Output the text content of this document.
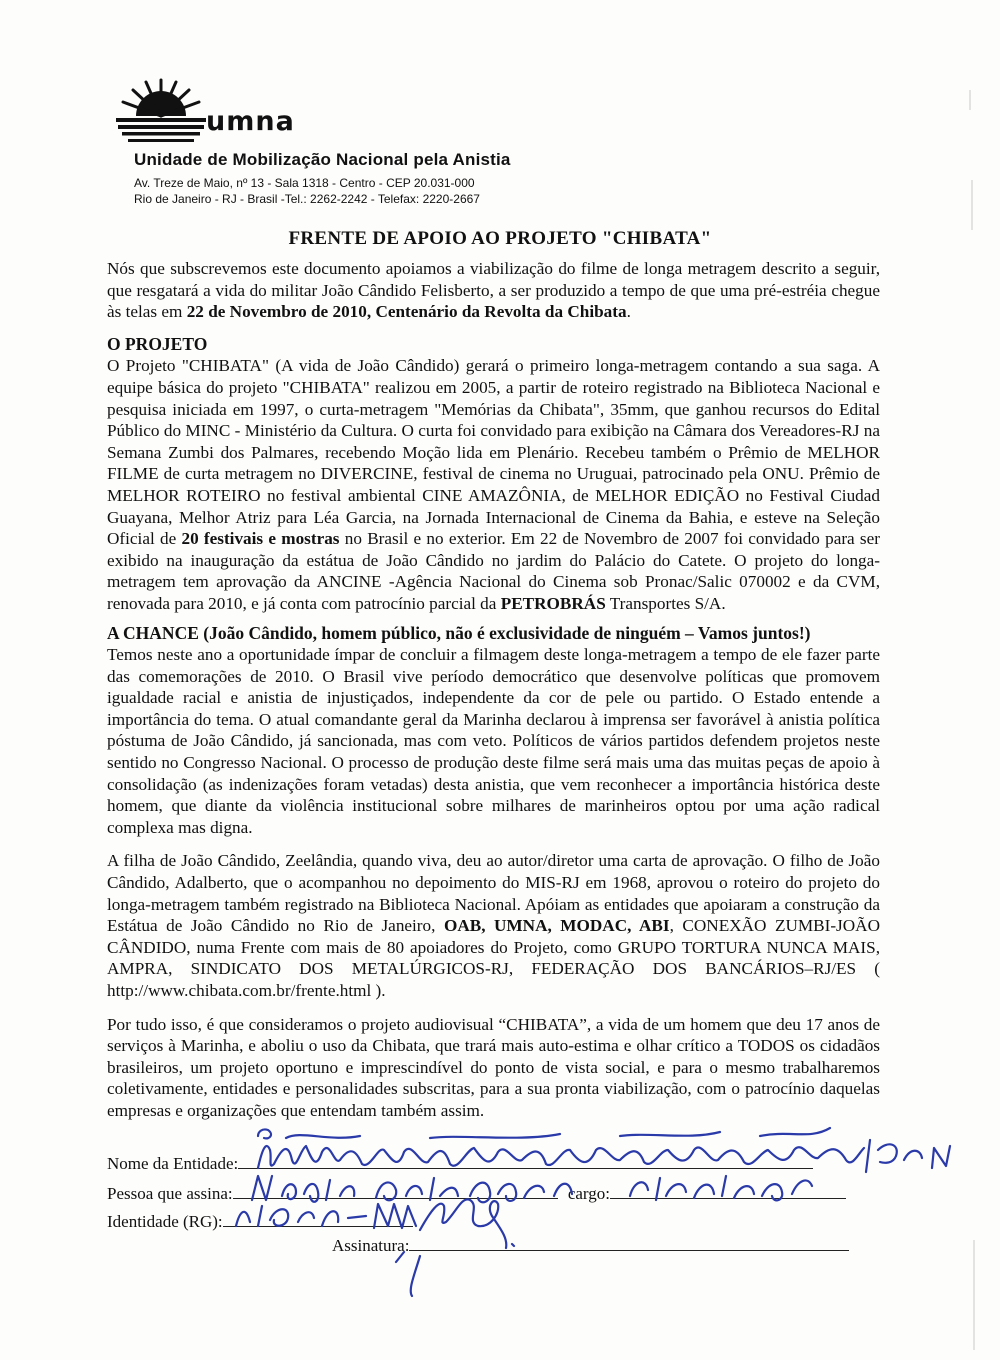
umna
Unidade de Mobilização Nacional pela Anistia
Av. Treze de Maio, nº 13 - Sala 1318 - Centro - CEP 20.031-000
Rio de Janeiro - RJ - Brasil -Tel.: 2262-2242 - Telefax: 2220-2667
FRENTE DE APOIO AO PROJETO "CHIBATA"

Nós que subscrevemos este documento apoiamos a viabilização do filme de longa metragem descrito a seguir, que resgatará a vida do militar João Cândido Felisberto, a ser produzido a tempo de que uma pré-estréia chegue às telas em 22 de Novembro de 2010, Centenário da Revolta da Chibata.

O PROJETO

O Projeto "CHIBATA" (A vida de João Cândido) gerará o primeiro longa-metragem contando a sua saga. A equipe básica do projeto "CHIBATA" realizou em 2005, a partir de roteiro registrado na Biblioteca Nacional e pesquisa iniciada em 1997, o curta-metragem "Memórias da Chibata", 35mm, que ganhou recursos do Edital Público do MINC - Ministério da Cultura. O curta foi convidado para exibição na Câmara dos Vereadores-RJ na Semana Zumbi dos Palmares, recebendo Moção lida em Plenário. Recebeu também o Prêmio de MELHOR FILME de curta metragem no DIVERCINE, festival de cinema no Uruguai, patrocinado pela ONU. Prêmio de MELHOR ROTEIRO no festival ambiental CINE AMAZÔNIA, de MELHOR EDIÇÃO no Festival Ciudad Guayana, Melhor Atriz para Léa Garcia, na Jornada Internacional de Cinema da Bahia, e esteve na Seleção Oficial de 20 festivais e mostras no Brasil e no exterior. Em 22 de Novembro de 2007 foi convidado para ser exibido na inauguração da estátua de João Cândido no jardim do Palácio do Catete. O projeto do longa-metragem tem aprovação da ANCINE -Agência Nacional do Cinema sob Pronac/Salic 070002 e da CVM, renovada para 2010, e já conta com patrocínio parcial da PETROBRÁS Transportes S/A.

A CHANCE (João Cândido, homem público, não é exclusividade de ninguém – Vamos juntos!)

Temos neste ano a oportunidade ímpar de concluir a filmagem deste longa-metragem a tempo de ele fazer parte das comemorações de 2010. O Brasil vive período democrático que desenvolve políticas que promovem igualdade racial e anistia de injustiçados, independente da cor de pele ou partido. O Estado entende a importância do tema. O atual comandante geral da Marinha declarou à imprensa ser favorável à anistia política póstuma de João Cândido, já sancionada, mas com veto. Políticos de vários partidos defendem projetos neste sentido no Congresso Nacional. O processo de produção deste filme será mais uma das muitas peças de apoio à consolidação (as indenizações foram vetadas) desta anistia, que vem reconhecer a importância histórica deste homem, que diante da violência institucional sobre milhares de marinheiros optou por uma ação radical complexa mas digna.

A filha de João Cândido, Zeelândia, quando viva, deu ao autor/diretor uma carta de aprovação. O filho de João Cândido, Adalberto, que o acompanhou no depoimento do MIS-RJ em 1968, aprovou o roteiro do projeto do longa-metragem também registrado na Biblioteca Nacional. Apóiam as entidades que apoiaram a construção da Estátua de João Cândido no Rio de Janeiro, OAB, UMNA, MODAC, ABI, CONEXÃO ZUMBI-JOÃO CÂNDIDO, numa Frente com mais de 80 apoiadores do Projeto, como GRUPO TORTURA NUNCA MAIS, AMPRA, SINDICATO DOS METALÚRGICOS-RJ, FEDERAÇÃO DOS BANCÁRIOS–RJ/ES ( http://www.chibata.com.br/frente.html ).

Por tudo isso, é que consideramos o projeto audiovisual “CHIBATA”, a vida de um homem que deu 17 anos de serviços à Marinha, e aboliu o uso da Chibata, que trará mais auto-estima e olhar crítico a TODOS os cidadãos brasileiros, um projeto oportuno e imprescindível do ponto de vista social, e para o mesmo trabalharemos coletivamente, entidades e personalidades subscritas, para a sua pronta viabilização, com o patrocínio daquelas empresas e organizações que entendam também assim.

Nome da Entidade:
Pessoa que assina:	cargo:
Identidade (RG):
Assinatura:
